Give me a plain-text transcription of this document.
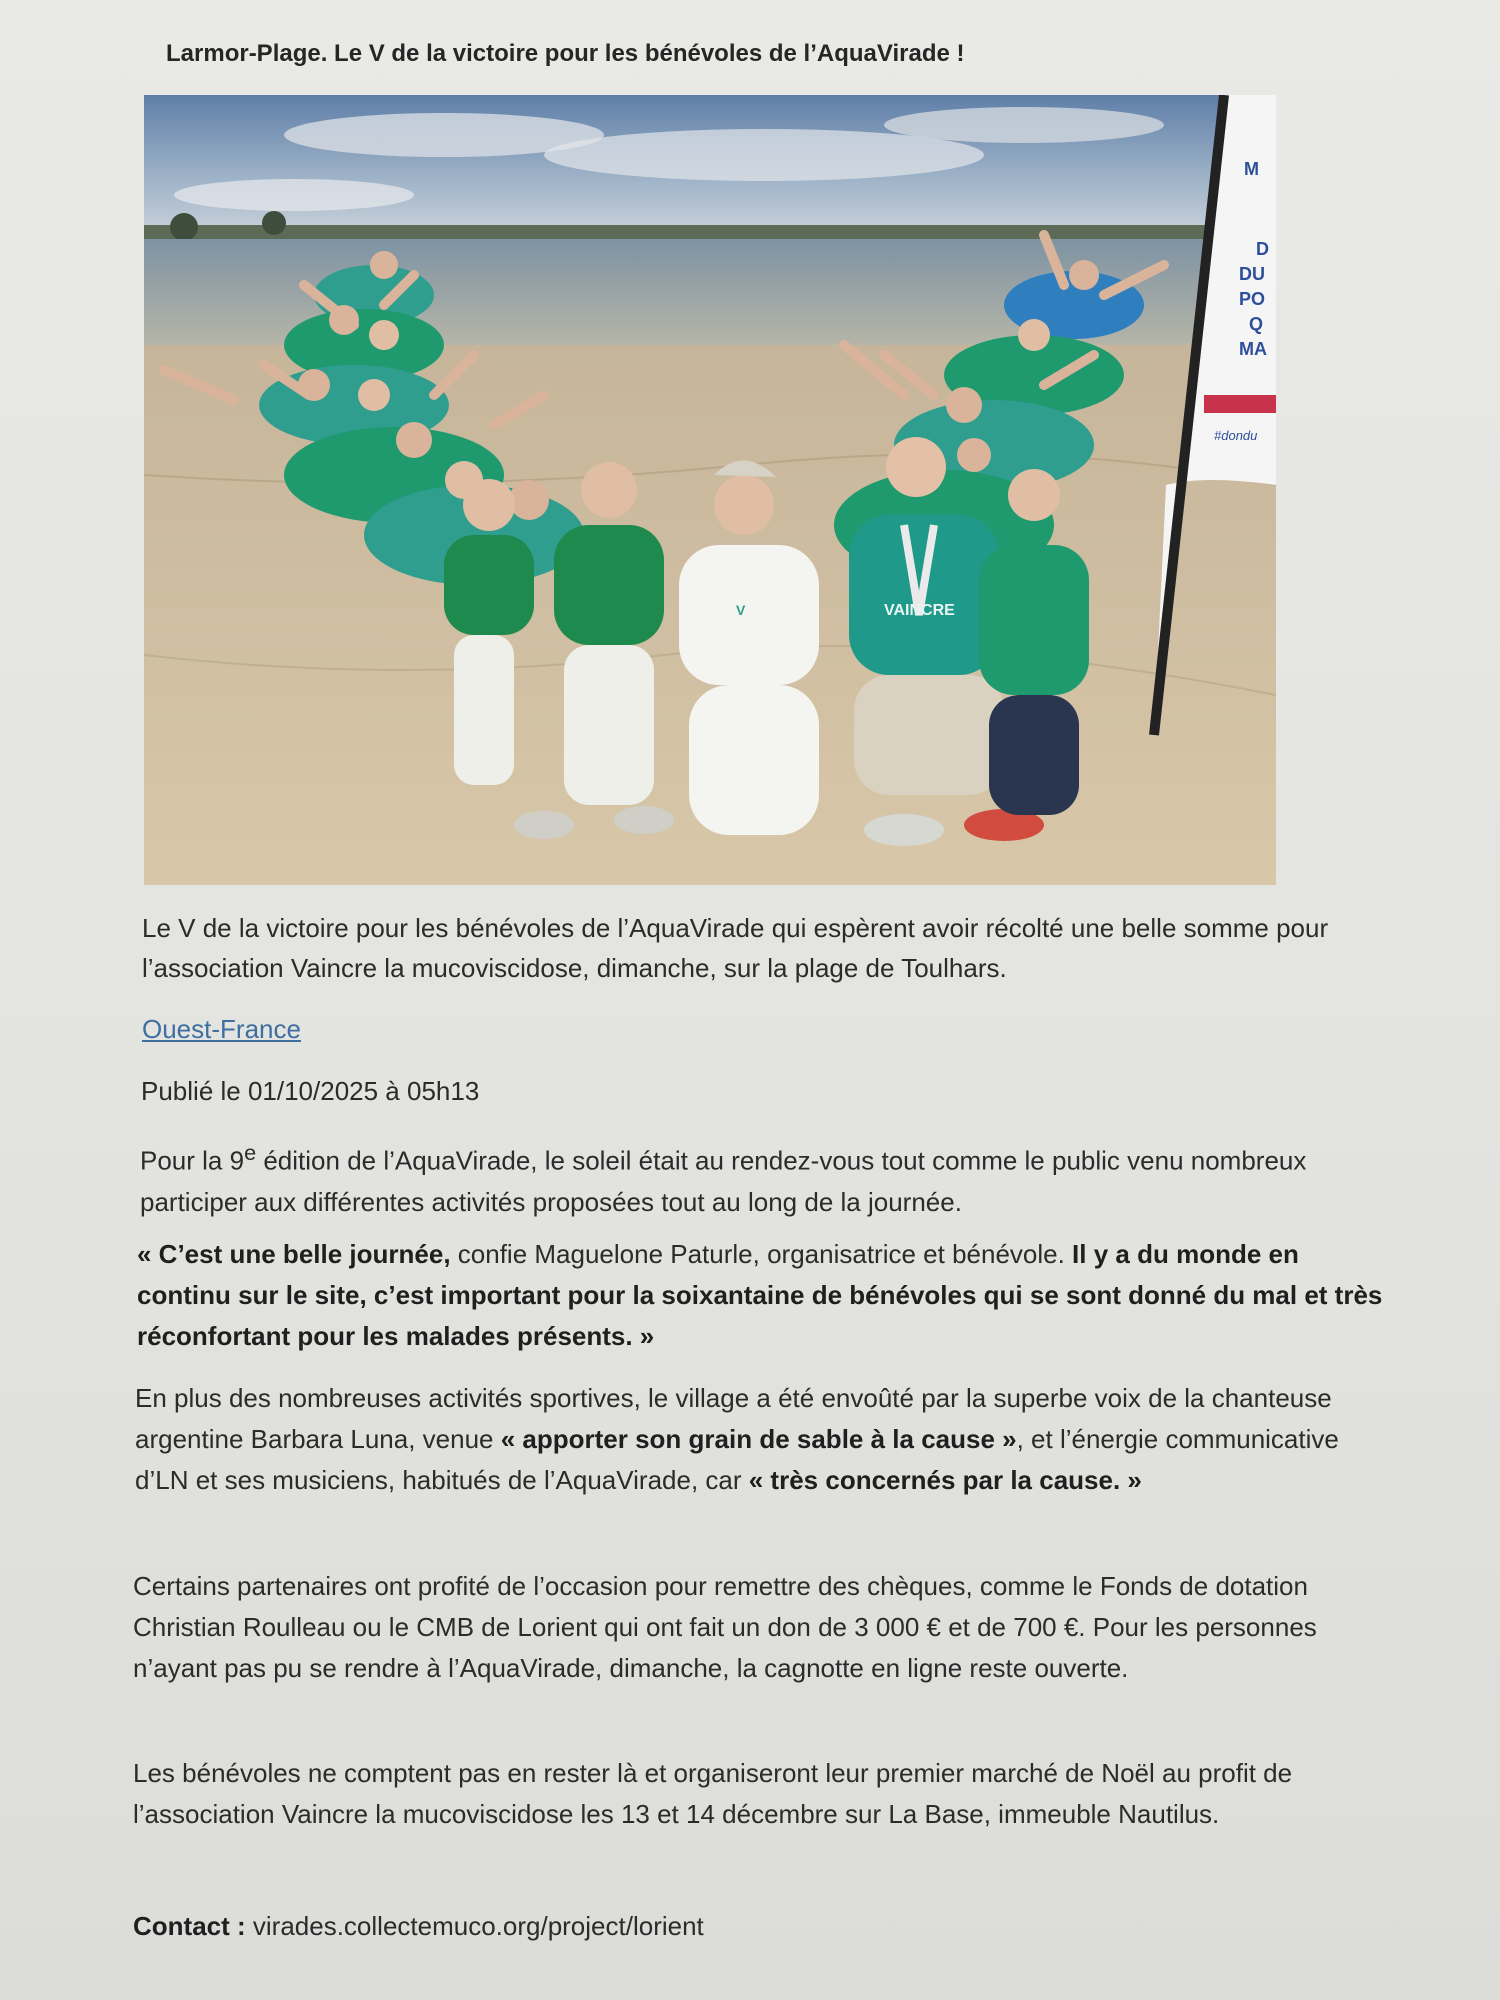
Larmor-Plage. Le V de la victoire pour les bénévoles de l’AquaVirade !
V	VAINCRE
M
D
DU
PO
Q
MA
#dondu
Le V de la victoire pour les bénévoles de l’AquaVirade qui espèrent avoir récolté une belle somme pour l’association Vaincre la mucoviscidose, dimanche, sur la plage de Toulhars.
Ouest-France
Publié le 01/10/2025 à 05h13
Pour la 9e édition de l’AquaVirade, le soleil était au rendez-vous tout comme le public venu nombreux participer aux différentes activités proposées tout au long de la journée.
« C’est une belle journée, confie Maguelone Paturle, organisatrice et bénévole. Il y a du monde en continu sur le site, c’est important pour la soixantaine de bénévoles qui se sont donné du mal et très réconfortant pour les malades présents. »
En plus des nombreuses activités sportives, le village a été envoûté par la superbe voix de la chanteuse argentine Barbara Luna, venue « apporter son grain de sable à la cause », et l’énergie communicative d’LN et ses musiciens, habitués de l’AquaVirade, car « très concernés par la cause. »
Certains partenaires ont profité de l’occasion pour remettre des chèques, comme le Fonds de dotation Christian Roulleau ou le CMB de Lorient qui ont fait un don de 3 000 € et de 700 €. Pour les personnes n’ayant pas pu se rendre à l’AquaVirade, dimanche, la cagnotte en ligne reste ouverte.
Les bénévoles ne comptent pas en rester là et organiseront leur premier marché de Noël au profit de l’association Vaincre la mucoviscidose les 13 et 14 décembre sur La Base, immeuble Nautilus.
Contact : virades.collectemuco.org/project/lorient
